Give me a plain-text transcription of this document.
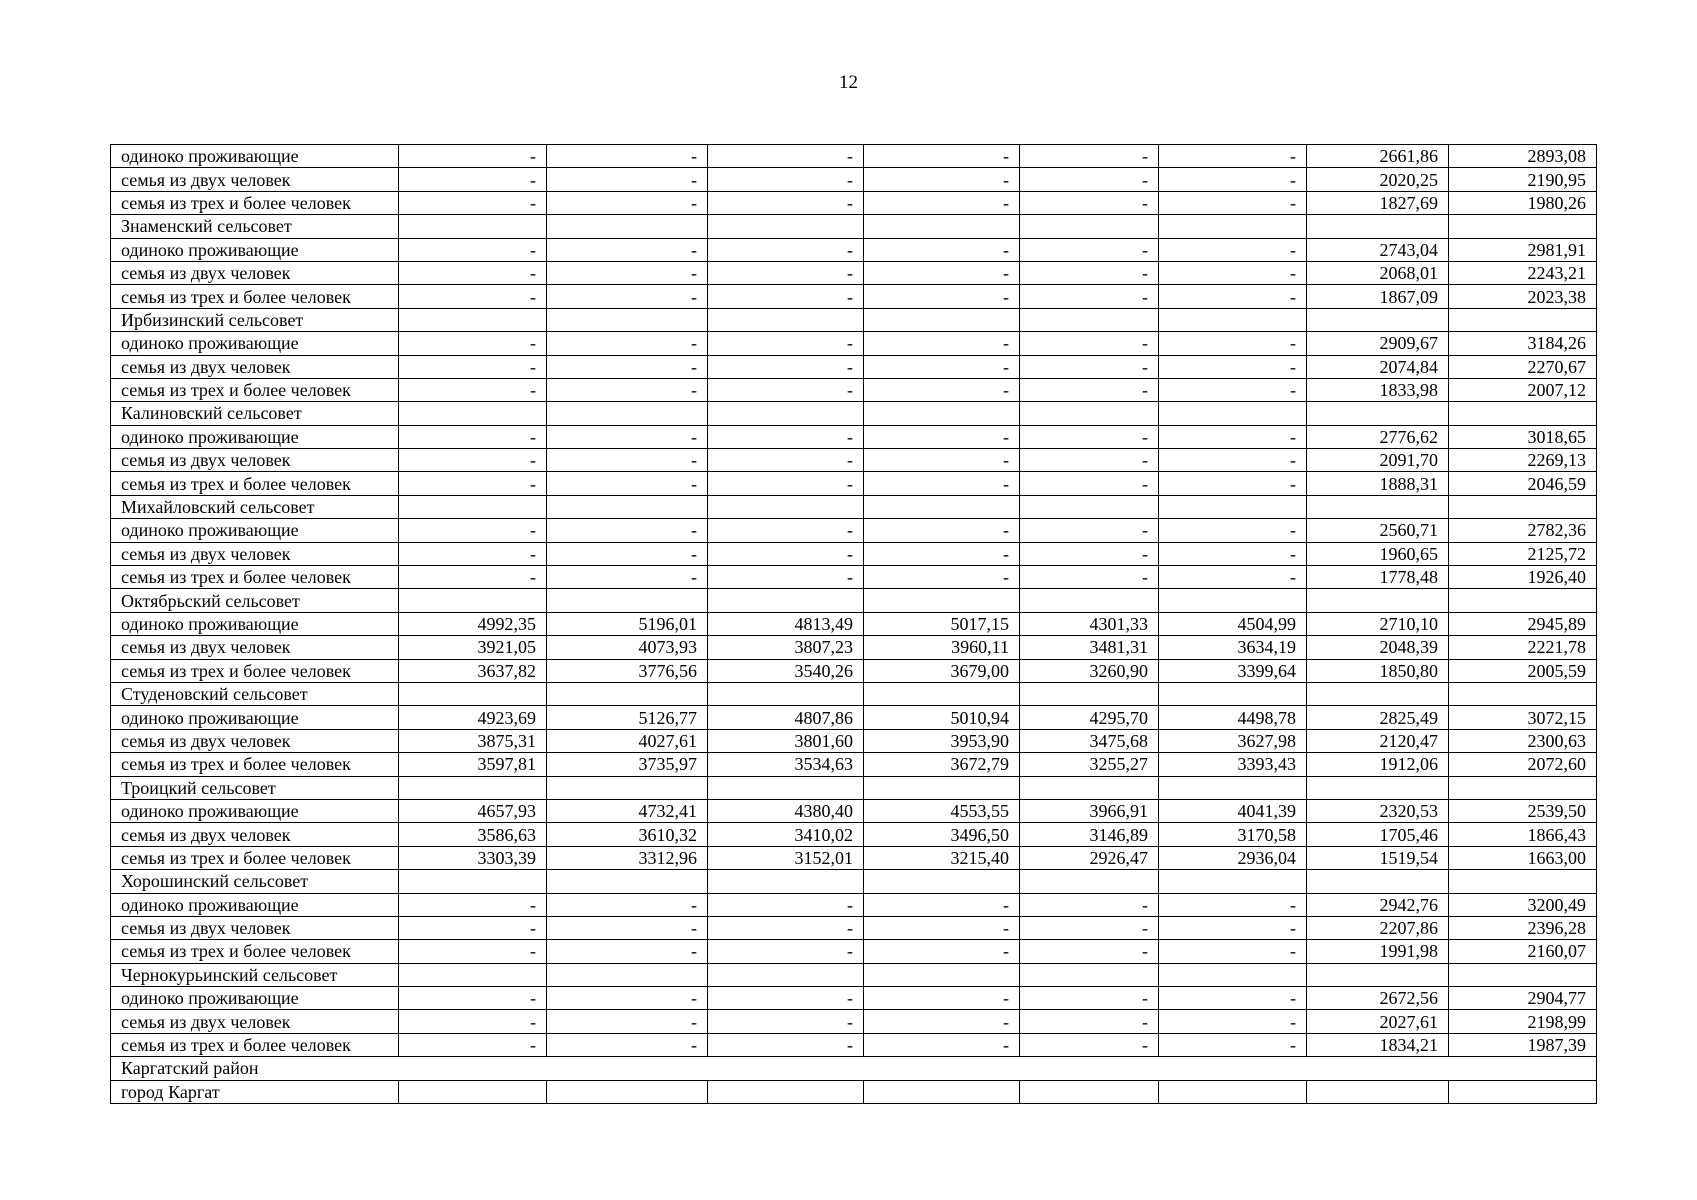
12
одиноко проживающие	-	-	-	-	-	-	2661,86	2893,08
семья из двух человек	-	-	-	-	-	-	2020,25	2190,95
семья из трех и более человек	-	-	-	-	-	-	1827,69	1980,26
Знаменский сельсовет								
одиноко проживающие	-	-	-	-	-	-	2743,04	2981,91
семья из двух человек	-	-	-	-	-	-	2068,01	2243,21
семья из трех и более человек	-	-	-	-	-	-	1867,09	2023,38
Ирбизинский сельсовет								
одиноко проживающие	-	-	-	-	-	-	2909,67	3184,26
семья из двух человек	-	-	-	-	-	-	2074,84	2270,67
семья из трех и более человек	-	-	-	-	-	-	1833,98	2007,12
Калиновский сельсовет								
одиноко проживающие	-	-	-	-	-	-	2776,62	3018,65
семья из двух человек	-	-	-	-	-	-	2091,70	2269,13
семья из трех и более человек	-	-	-	-	-	-	1888,31	2046,59
Михайловский сельсовет								
одиноко проживающие	-	-	-	-	-	-	2560,71	2782,36
семья из двух человек	-	-	-	-	-	-	1960,65	2125,72
семья из трех и более человек	-	-	-	-	-	-	1778,48	1926,40
Октябрьский сельсовет								
одиноко проживающие	4992,35	5196,01	4813,49	5017,15	4301,33	4504,99	2710,10	2945,89
семья из двух человек	3921,05	4073,93	3807,23	3960,11	3481,31	3634,19	2048,39	2221,78
семья из трех и более человек	3637,82	3776,56	3540,26	3679,00	3260,90	3399,64	1850,80	2005,59
Студеновский сельсовет								
одиноко проживающие	4923,69	5126,77	4807,86	5010,94	4295,70	4498,78	2825,49	3072,15
семья из двух человек	3875,31	4027,61	3801,60	3953,90	3475,68	3627,98	2120,47	2300,63
семья из трех и более человек	3597,81	3735,97	3534,63	3672,79	3255,27	3393,43	1912,06	2072,60
Троицкий сельсовет								
одиноко проживающие	4657,93	4732,41	4380,40	4553,55	3966,91	4041,39	2320,53	2539,50
семья из двух человек	3586,63	3610,32	3410,02	3496,50	3146,89	3170,58	1705,46	1866,43
семья из трех и более человек	3303,39	3312,96	3152,01	3215,40	2926,47	2936,04	1519,54	1663,00
Хорошинский сельсовет								
одиноко проживающие	-	-	-	-	-	-	2942,76	3200,49
семья из двух человек	-	-	-	-	-	-	2207,86	2396,28
семья из трех и более человек	-	-	-	-	-	-	1991,98	2160,07
Чернокурьинский сельсовет								
одиноко проживающие	-	-	-	-	-	-	2672,56	2904,77
семья из двух человек	-	-	-	-	-	-	2027,61	2198,99
семья из трех и более человек	-	-	-	-	-	-	1834,21	1987,39
Каргатский район								
город Каргат								
